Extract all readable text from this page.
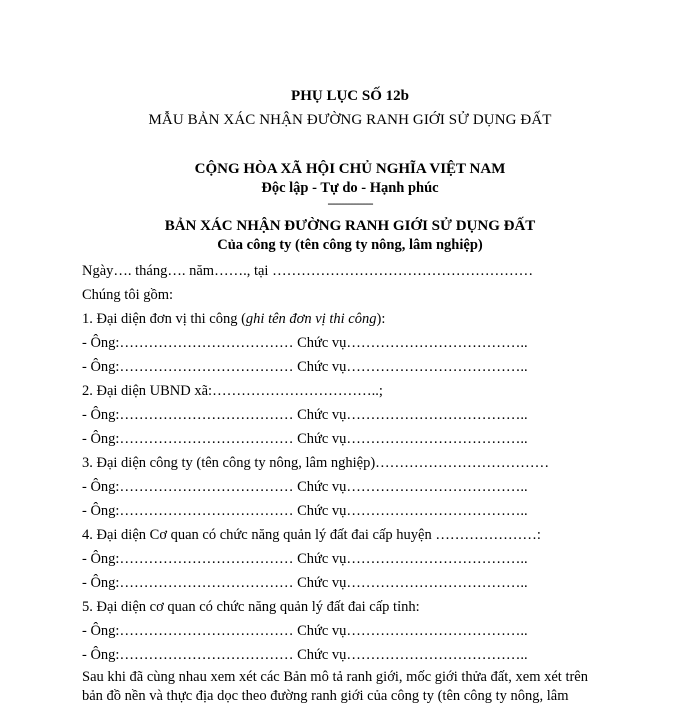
PHỤ LỤC SỐ 12b
MẪU BẢN XÁC NHẬN ĐƯỜNG RANH GIỚI SỬ DỤNG ĐẤT
CỘNG HÒA XÃ HỘI CHỦ NGHĨA VIỆT NAM
Độc lập - Tự do - Hạnh phúc
---------------
BẢN XÁC NHẬN ĐƯỜNG RANH GIỚI SỬ DỤNG ĐẤT
Của công ty (tên công ty nông, lâm nghiệp)
Ngày…. tháng…. năm……., tại ………………………………………………
Chúng tôi gồm:
1. Đại diện đơn vị thi công (ghi tên đơn vị thi công):
- Ông:……………………………… Chức vụ………………………………..
- Ông:……………………………… Chức vụ………………………………..
2. Đại diện UBND xã:……………………………..;
- Ông:……………………………… Chức vụ………………………………..
- Ông:……………………………… Chức vụ………………………………..
3. Đại diện công ty (tên công ty nông, lâm nghiệp)………………………………
- Ông:……………………………… Chức vụ………………………………..
- Ông:……………………………… Chức vụ………………………………..
4. Đại diện Cơ quan có chức năng quản lý đất đai cấp huyện …………………:
- Ông:……………………………… Chức vụ………………………………..
- Ông:……………………………… Chức vụ………………………………..
5. Đại diện cơ quan có chức năng quản lý đất đai cấp tỉnh:
- Ông:……………………………… Chức vụ………………………………..
- Ông:……………………………… Chức vụ………………………………..
Sau khi đã cùng nhau xem xét các Bản mô tả ranh giới, mốc giới thửa đất, xem xét trên
bản đồ nền và thực địa dọc theo đường ranh giới của công ty (tên công ty nông, lâm
